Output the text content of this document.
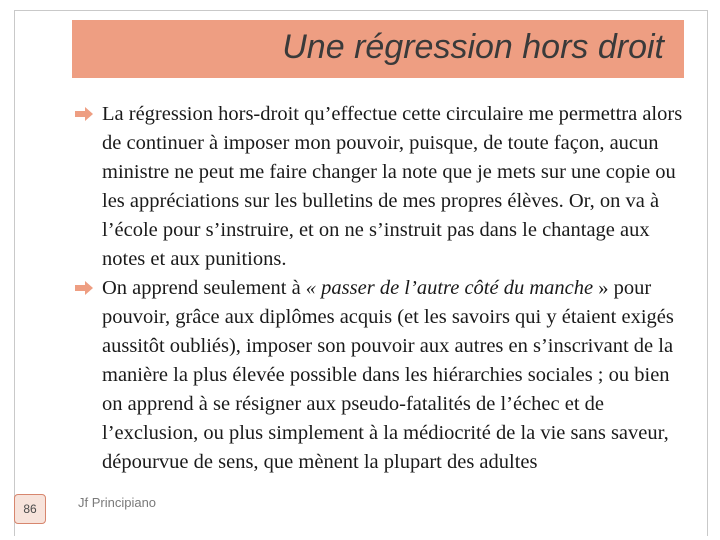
Une régression hors droit

La régression hors-droit qu’effectue cette circulaire me permettra alors de continuer à imposer mon pouvoir, puisque, de toute façon, aucun ministre ne peut me faire changer la note que je mets sur une copie ou les appréciations sur les bulletins de mes propres élèves. Or, on va à l’école pour s’instruire, et on ne s’instruit pas dans le chantage aux notes et aux punitions.

On apprend seulement à « passer de l’autre côté du manche » pour pouvoir, grâce aux diplômes acquis (et les savoirs qui y étaient exigés aussitôt oubliés), imposer son pouvoir aux autres en s’inscrivant de la manière la plus élevée possible dans les hiérarchies sociales ; ou bien on apprend à se résigner aux pseudo-fatalités de l’échec et de l’exclusion, ou plus simplement à la médiocrité de la vie sans saveur, dépourvue de sens, que mènent la plupart des adultes

86	Jf Principiano
